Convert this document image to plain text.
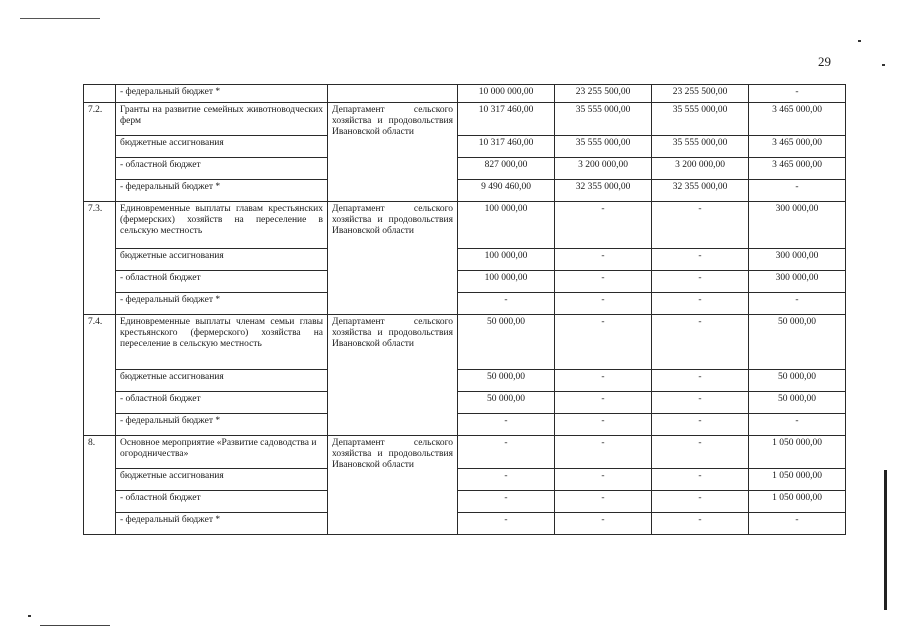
29
	- федеральный бюджет *		10 000 000,00	23 255 500,00	23 255 500,00	-
7.2.	Гранты на развитие семейных животноводческих ферм	Департамент сельского хозяйства и продовольствия Ивановской области	10 317 460,00	35 555 000,00	35 555 000,00	3 465 000,00
	бюджетные ассигнования		10 317 460,00	35 555 000,00	35 555 000,00	3 465 000,00
	- областной бюджет		827 000,00	3 200 000,00	3 200 000,00	3 465 000,00
	- федеральный бюджет *		9 490 460,00	32 355 000,00	32 355 000,00	-
7.3.	Единовременные выплаты главам крестьянских (фермерских) хозяйств на переселение в сельскую местность	Департамент сельского хозяйства и продовольствия Ивановской области	100 000,00	-	-	300 000,00
	бюджетные ассигнования		100 000,00	-	-	300 000,00
	- областной бюджет		100 000,00	-	-	300 000,00
	- федеральный бюджет *		-	-	-	-
7.4.	Единовременные выплаты членам семьи главы крестьянского (фермерского) хозяйства на переселение в сельскую местность	Департамент сельского хозяйства и продовольствия Ивановской области	50 000,00	-	-	50 000,00
	бюджетные ассигнования		50 000,00	-	-	50 000,00
	- областной бюджет		50 000,00	-	-	50 000,00
	- федеральный бюджет *		-	-	-	-
8.	Основное мероприятие «Развитие садоводства и огородничества»	Департамент сельского хозяйства и продовольствия Ивановской области	-	-	-	1 050 000,00
	бюджетные ассигнования		-	-	-	1 050 000,00
	- областной бюджет		-	-	-	1 050 000,00
	- федеральный бюджет *		-	-	-	-
